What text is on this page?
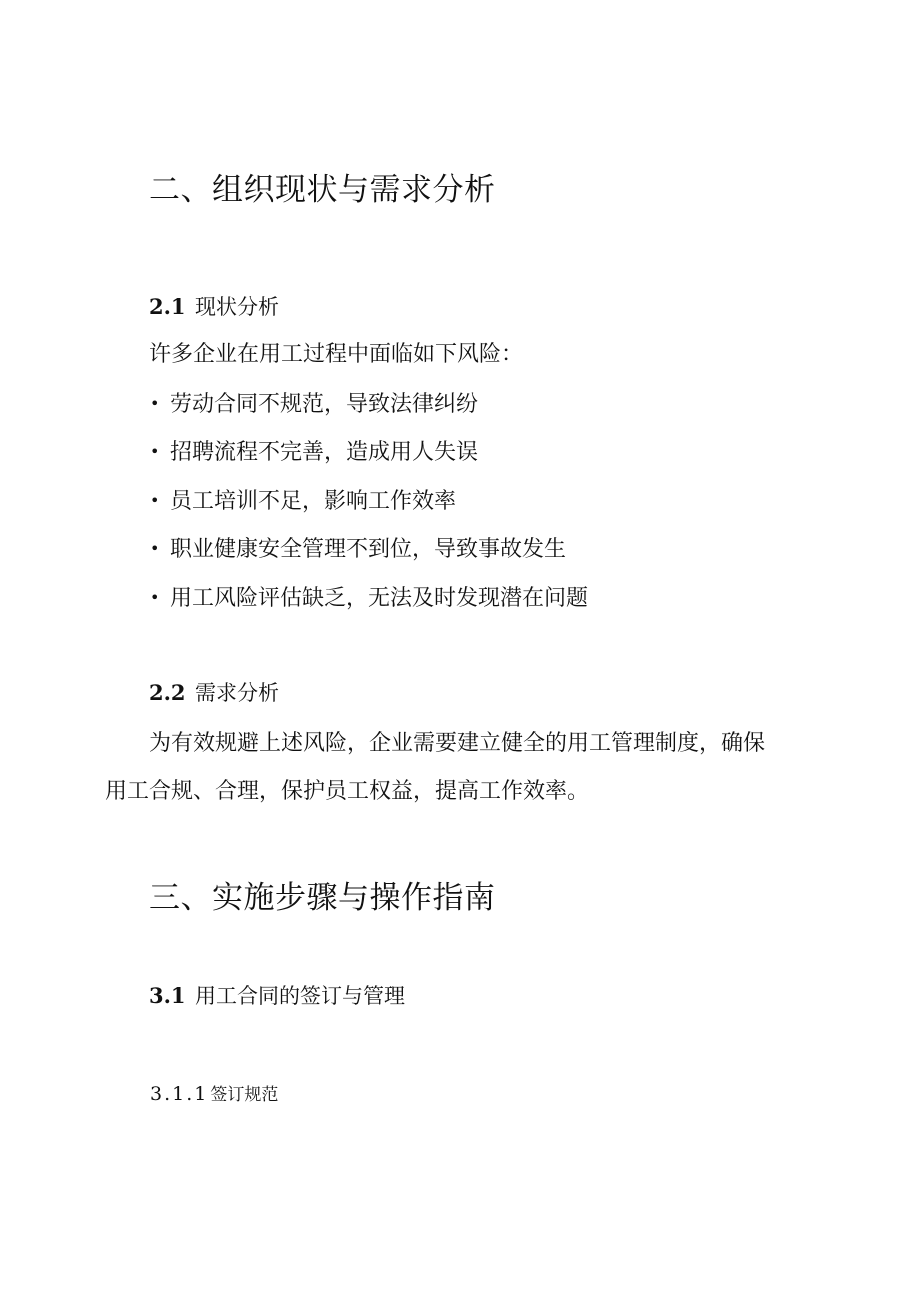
二、组织现状与需求分析
2.1 现状分析
许多企业在用工过程中面临如下风险：
• 劳动合同不规范，导致法律纠纷
• 招聘流程不完善，造成用人失误
• 员工培训不足，影响工作效率
• 职业健康安全管理不到位，导致事故发生
• 用工风险评估缺乏，无法及时发现潜在问题
2.2 需求分析
为有效规避上述风险，企业需要建立健全的用工管理制度，确保
用工合规、合理，保护员工权益，提高工作效率。
三、实施步骤与操作指南
3.1 用工合同的签订与管理
3.1.1 签订规范
